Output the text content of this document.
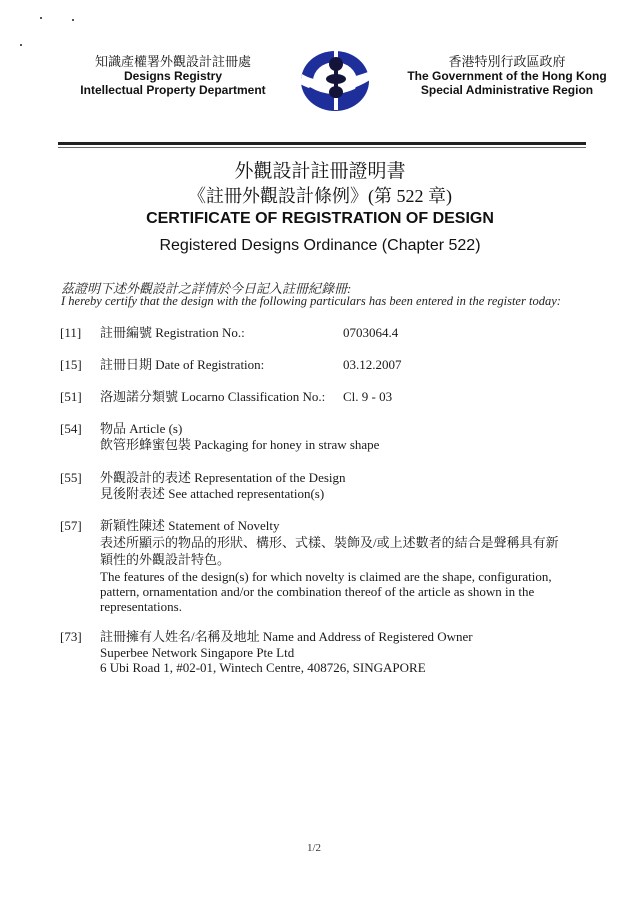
知識產權署外觀設計註冊處
Designs Registry
Intellectual Property Department
香港特別行政區政府
The Government of the Hong Kong
Special Administrative Region
外觀設計註冊證明書
《註冊外觀設計條例》(第 522 章)
CERTIFICATE OF REGISTRATION OF DESIGN
Registered Designs Ordinance (Chapter 522)
茲證明下述外觀設計之詳情於今日記入註冊紀錄冊:
I hereby certify that the design with the following particulars has been entered in the register today:
[11] 註冊編號 Registration No.:	0703064.4
[15] 註冊日期 Date of Registration:	03.12.2007
[51] 洛迦諾分類號 Locarno Classification No.: Cl. 9 - 03
[54] 物品 Article (s)
飲管形蜂蜜包裝 Packaging for honey in straw shape
[55] 外觀設計的表述 Representation of the Design
見後附表述 See attached representation(s)
[57] 新穎性陳述 Statement of Novelty
表述所顯示的物品的形狀、構形、式樣、裝飾及/或上述數者的結合是聲稱具有新
穎性的外觀設計特色。
The features of the design(s) for which novelty is claimed are the shape, configuration,
pattern, ornamentation and/or the combination thereof of the article as shown in the
representations.
[73] 註冊擁有人姓名/名稱及地址 Name and Address of Registered Owner
Superbee Network Singapore Pte Ltd
6 Ubi Road 1, #02-01, Wintech Centre, 408726, SINGAPORE
1/2
